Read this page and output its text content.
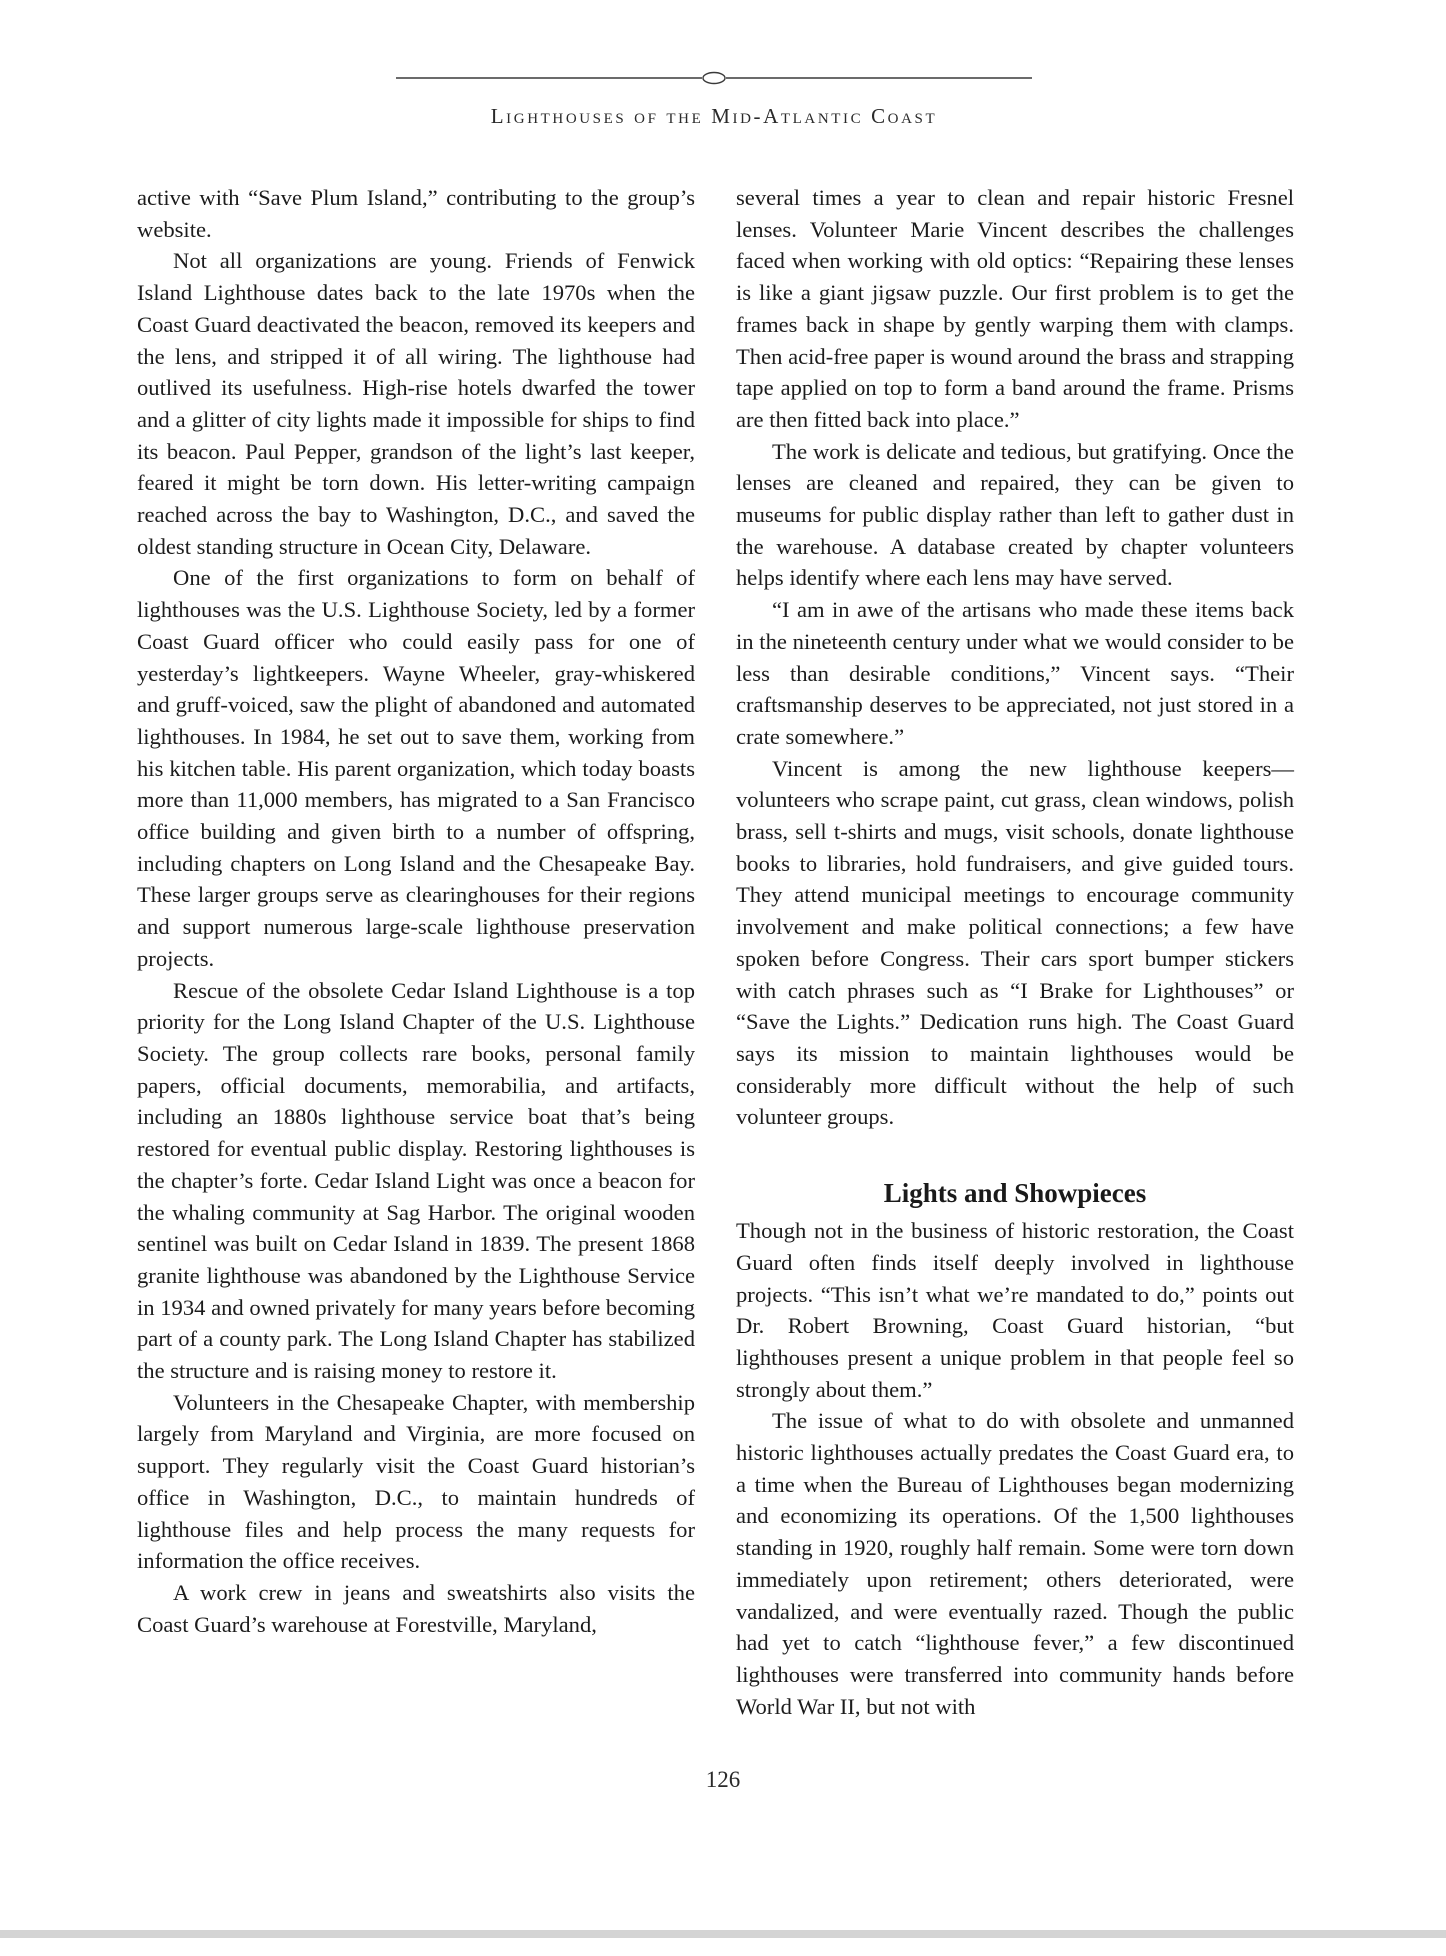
Lighthouses of the Mid-Atlantic Coast

active with “Save Plum Island,” contributing to the group’s website.

Not all organizations are young. Friends of Fenwick Island Lighthouse dates back to the late 1970s when the Coast Guard deactivated the beacon, removed its keepers and the lens, and stripped it of all wiring. The lighthouse had outlived its usefulness. High-rise hotels dwarfed the tower and a glitter of city lights made it impossible for ships to find its beacon. Paul Pepper, grandson of the light’s last keeper, feared it might be torn down. His letter-writing campaign reached across the bay to Washington, D.C., and saved the oldest standing structure in Ocean City, Delaware.

One of the first organizations to form on behalf of lighthouses was the U.S. Lighthouse Society, led by a former Coast Guard officer who could easily pass for one of yesterday’s lightkeepers. Wayne Wheeler, gray-whiskered and gruff-voiced, saw the plight of abandoned and automated lighthouses. In 1984, he set out to save them, working from his kitchen table. His parent organization, which today boasts more than 11,000 members, has migrated to a San Francisco office building and given birth to a number of offspring, including chapters on Long Island and the Chesapeake Bay. These larger groups serve as clearinghouses for their regions and support numerous large-scale lighthouse preservation projects.

Rescue of the obsolete Cedar Island Lighthouse is a top priority for the Long Island Chapter of the U.S. Lighthouse Society. The group collects rare books, personal family papers, official documents, memorabilia, and artifacts, including an 1880s lighthouse service boat that’s being restored for eventual public display. Restoring lighthouses is the chapter’s forte. Cedar Island Light was once a beacon for the whaling community at Sag Harbor. The original wooden sentinel was built on Cedar Island in 1839. The present 1868 granite lighthouse was abandoned by the Lighthouse Service in 1934 and owned privately for many years before becoming part of a county park. The Long Island Chapter has stabilized the structure and is raising money to restore it.

Volunteers in the Chesapeake Chapter, with membership largely from Maryland and Virginia, are more focused on support. They regularly visit the Coast Guard historian’s office in Washington, D.C., to maintain hundreds of lighthouse files and help process the many requests for information the office receives.

A work crew in jeans and sweatshirts also visits the Coast Guard’s warehouse at Forestville, Maryland,

several times a year to clean and repair historic Fresnel lenses. Volunteer Marie Vincent describes the challenges faced when working with old optics: “Repairing these lenses is like a giant jigsaw puzzle. Our first problem is to get the frames back in shape by gently warping them with clamps. Then acid-free paper is wound around the brass and strapping tape applied on top to form a band around the frame. Prisms are then fitted back into place.”

The work is delicate and tedious, but gratifying. Once the lenses are cleaned and repaired, they can be given to museums for public display rather than left to gather dust in the warehouse. A database created by chapter volunteers helps identify where each lens may have served.

“I am in awe of the artisans who made these items back in the nineteenth century under what we would consider to be less than desirable conditions,” Vincent says. “Their craftsmanship deserves to be appreciated, not just stored in a crate somewhere.”

Vincent is among the new lighthouse keepers—volunteers who scrape paint, cut grass, clean windows, polish brass, sell t-shirts and mugs, visit schools, donate lighthouse books to libraries, hold fundraisers, and give guided tours. They attend municipal meetings to encourage community involvement and make political connections; a few have spoken before Congress. Their cars sport bumper stickers with catch phrases such as “I Brake for Lighthouses” or “Save the Lights.” Dedication runs high. The Coast Guard says its mission to maintain lighthouses would be considerably more difficult without the help of such volunteer groups.

Lights and Showpieces

Though not in the business of historic restoration, the Coast Guard often finds itself deeply involved in lighthouse projects. “This isn’t what we’re mandated to do,” points out Dr. Robert Browning, Coast Guard historian, “but lighthouses present a unique problem in that people feel so strongly about them.”

The issue of what to do with obsolete and unmanned historic lighthouses actually predates the Coast Guard era, to a time when the Bureau of Lighthouses began modernizing and economizing its operations. Of the 1,500 lighthouses standing in 1920, roughly half remain. Some were torn down immediately upon retirement; others deteriorated, were vandalized, and were eventually razed. Though the public had yet to catch “lighthouse fever,” a few discontinued lighthouses were transferred into community hands before World War II, but not with

126
